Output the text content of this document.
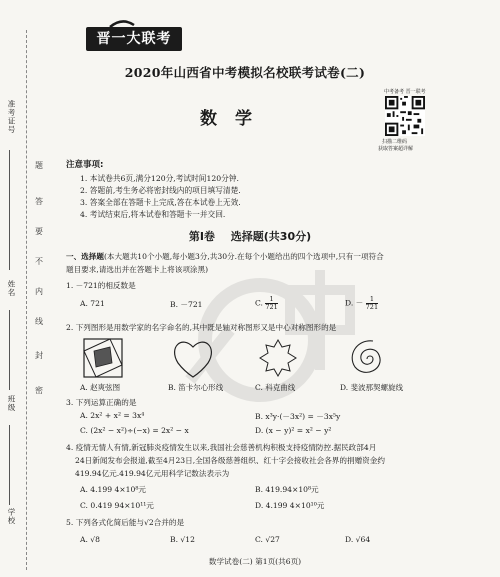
准考证号
姓名
班级
学校
题
答
要
不
内
线
封
密
晋一大联考
2020年山西省中考模拟名校联考试卷(二)
数学
中考备考 晋一联考
扫描二维码
获取答案超详解
注意事项:
1. 本试卷共6页,满分120分,考试时间120分钟.
2. 答题前,考生务必将密封线内的项目填写清楚.
3. 答案全部在答题卡上完成,答在本试卷上无效.
4. 考试结束后,将本试卷和答题卡一并交回.
第Ⅰ卷 选择题(共30分)
一、选择题(本大题共10个小题,每小题3分,共30分.在每个小题给出的四个选项中,只有一项符合
题目要求,请选出并在答题卡上将该项涂黑)
1. －721的相反数是
A. 721	B. －721	C. $\frac{1}{721}$	D. － $\frac{1}{721}$
2. 下列图形是用数学家的名字命名的,其中既是轴对称图形又是中心对称图形的是
A. 赵爽弦图	B. 笛卡尔心形线	C. 科克曲线	D. 斐波那契螺旋线
3. 下列运算正确的是
A. 2x² + x² = 3x⁴	B. x³y·(－3x²) = －3x⁵y
C. (2x² − x²)÷(−x) = 2x² − x	D. (x − y)² = x² − y²
4. 疫情无情人有情,新冠肺炎疫情发生以来,我国社会慈善机构积极支持疫情防控.据民政部4月
24日新闻发布会报道,截至4月23日,全国各级慈善组织、红十字会接收社会各界的捐赠资金约
419.94亿元.419.94亿元用科学记数法表示为
A. 4.199 4×10⁸元	B. 419.94×10⁸元
C. 0.419 94×10¹¹元	D. 4.199 4×10¹⁰元
5. 下列各式化简后能与√2合并的是
A. √8	B. √12	C. √27	D. √64
数学试卷(二) 第1页(共6页)
